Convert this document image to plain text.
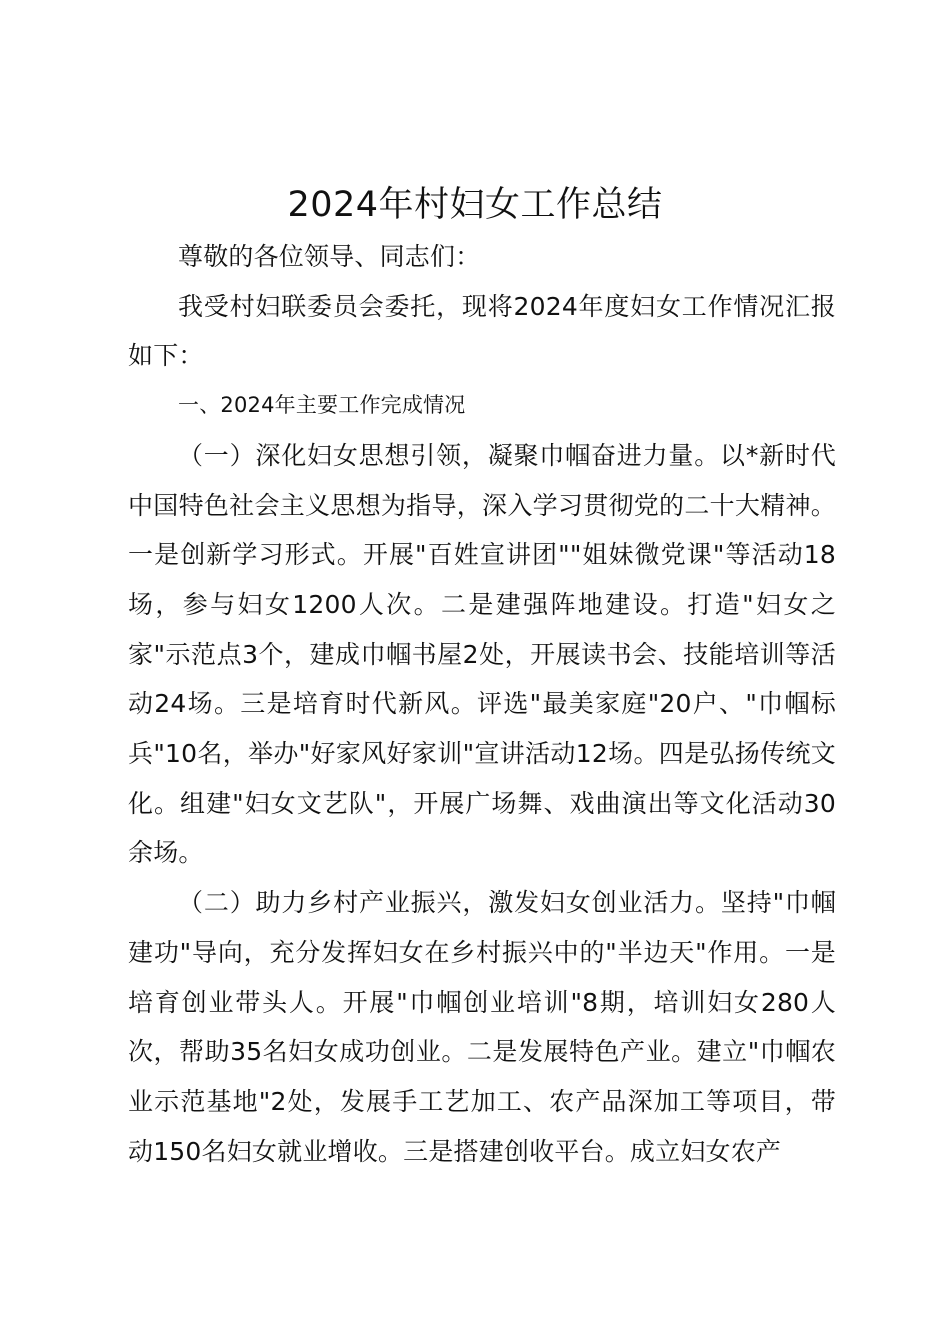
2024年村妇女工作总结

尊敬的各位领导、同志们：

我受村妇联委员会委托，现将2024年度妇女工作情况汇报如下：

一、2024年主要工作完成情况

（一）深化妇女思想引领，凝聚巾帼奋进力量。以*新时代中国特色社会主义思想为指导，深入学习贯彻党的二十大精神。一是创新学习形式。开展"百姓宣讲团""姐妹微党课"等活动18场，参与妇女1200人次。二是建强阵地建设。打造"妇女之家"示范点3个，建成巾帼书屋2处，开展读书会、技能培训等活动24场。三是培育时代新风。评选"最美家庭"20户、"巾帼标兵"10名，举办"好家风好家训"宣讲活动12场。四是弘扬传统文化。组建"妇女文艺队"，开展广场舞、戏曲演出等文化活动30余场。

（二）助力乡村产业振兴，激发妇女创业活力。坚持"巾帼建功"导向，充分发挥妇女在乡村振兴中的"半边天"作用。一是培育创业带头人。开展"巾帼创业培训"8期，培训妇女280人次，帮助35名妇女成功创业。二是发展特色产业。建立"巾帼农业示范基地"2处，发展手工艺加工、农产品深加工等项目，带动150名妇女就业增收。三是搭建创收平台。成立妇女农产
